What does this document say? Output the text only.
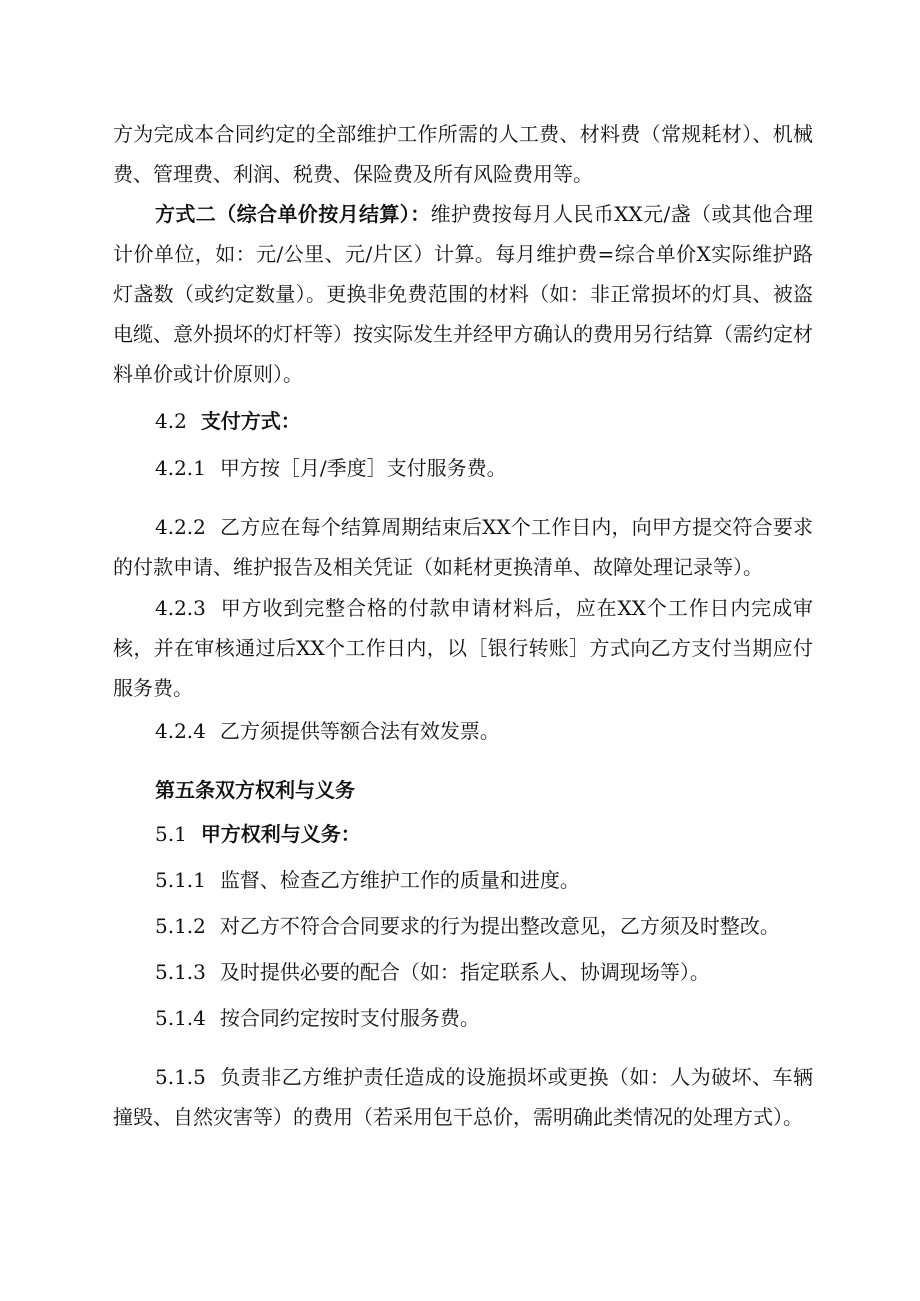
方为完成本合同约定的全部维护工作所需的人工费、材料费（常规耗材）、机械费、管理费、利润、税费、保险费及所有风险费用等。

方式二（综合单价按月结算）：维护费按每月人民币XX元/盏（或其他合理计价单位，如：元/公里、元/片区）计算。每月维护费=综合单价X实际维护路灯盏数（或约定数量）。更换非免费范围的材料（如：非正常损坏的灯具、被盗电缆、意外损坏的灯杆等）按实际发生并经甲方确认的费用另行结算（需约定材料单价或计价原则）。

4.2 支付方式：

4.2.1 甲方按［月/季度］支付服务费。

4.2.2 乙方应在每个结算周期结束后XX个工作日内，向甲方提交符合要求的付款申请、维护报告及相关凭证（如耗材更换清单、故障处理记录等）。

4.2.3 甲方收到完整合格的付款申请材料后，应在XX个工作日内完成审核，并在审核通过后XX个工作日内，以［银行转账］方式向乙方支付当期应付服务费。

4.2.4 乙方须提供等额合法有效发票。

第五条双方权利与义务

5.1 甲方权利与义务：

5.1.1 监督、检查乙方维护工作的质量和进度。

5.1.2 对乙方不符合合同要求的行为提出整改意见，乙方须及时整改。

5.1.3 及时提供必要的配合（如：指定联系人、协调现场等）。

5.1.4 按合同约定按时支付服务费。

5.1.5 负责非乙方维护责任造成的设施损坏或更换（如：人为破坏、车辆撞毁、自然灾害等）的费用（若采用包干总价，需明确此类情况的处理方式）。
